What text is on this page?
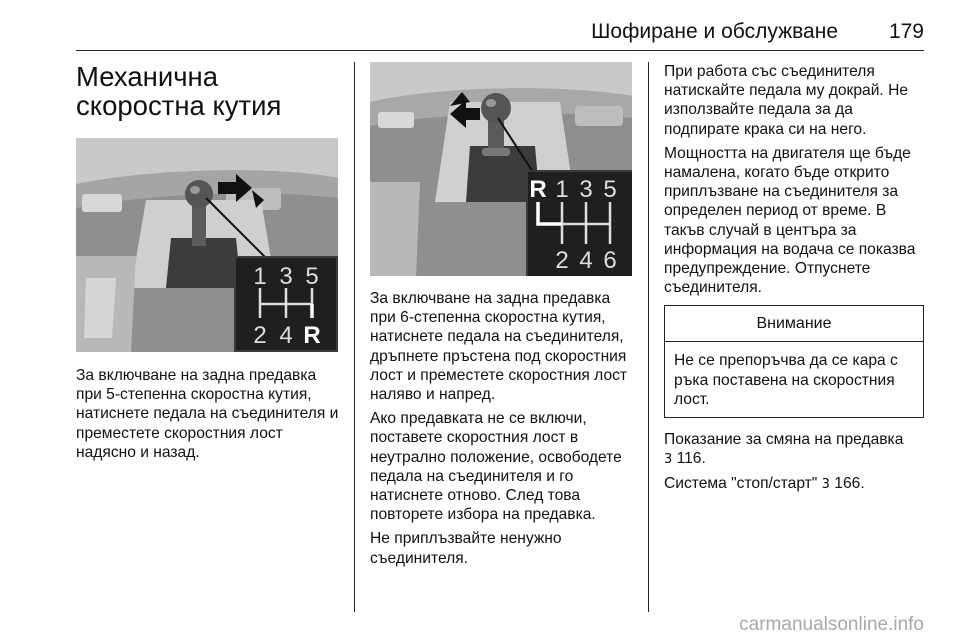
Шофиране и обслужване 179
Механична скоростна кутия
1 3 5
2 4 R

За включване на задна предавка при 5-степенна скоростна кутия, натиснете педала на съединителя и преместете скоростния лост надясно и назад.

R 1 3 5
2 4 6

За включване на задна предавка при 6-степенна скоростна кутия, натиснете педала на съединителя, дръпнете пръстена под скоростния лост и преместете скоростния лост наляво и напред.

Ако предавката не се включи, поставете скоростния лост в неутрално положение, освободете педала на съединителя и го натиснете отново. След това повторете избора на предавка.

Не приплъзвайте ненужно съединителя.

При работа със съединителя натискайте педала му докрай. Не използвайте педала за да подпирате крака си на него.

Мощността на двигателя ще бъде намалена, когато бъде открито приплъзване на съединителя за определен период от време. В такъв случай в центъра за информация на водача се показва предупреждение. Отпуснете съединителя.

Внимание
Не се препоръчва да се кара с ръка поставена на скоростния лост.

Показание за смяна на предавка
3 116.

Система "стоп/старт" 3 166.

carmanualsonline.info
